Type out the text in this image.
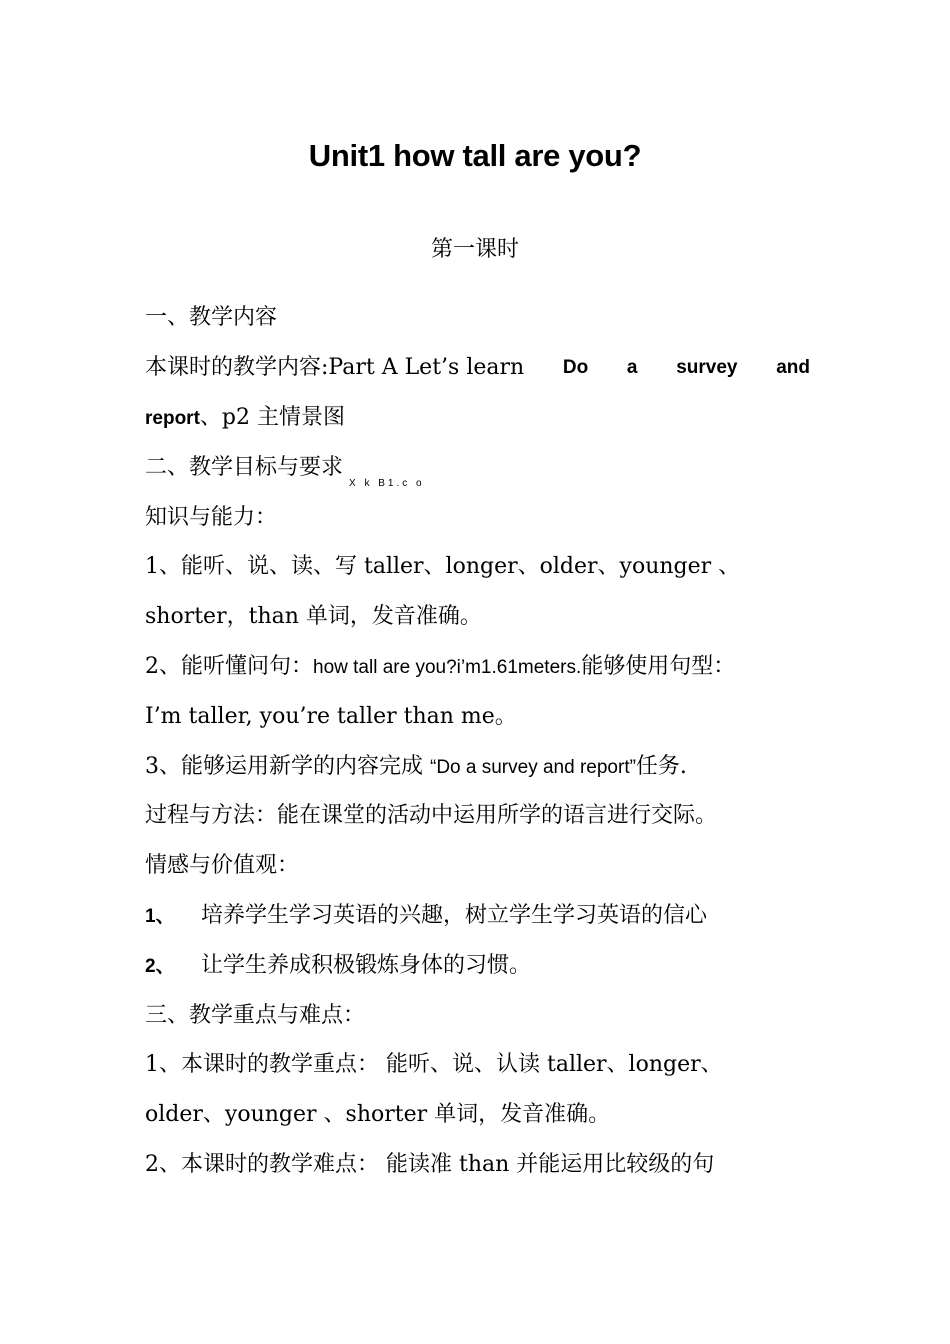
Unit1 how tall are you?
第一课时
一、教学内容
本课时的教学内容:Part A Let’s learn Do a survey and
report、p2 主情景图
二、教学目标与要求$_{X k B1.c o}$
知识与能力：
1、能听、说、读、写 taller、longer、older、younger 、
shorter，than 单词，发音准确。
2、能听懂问句：how tall are you?i’m1.61meters.能够使用句型：
I’m taller, you’re taller than me。
3、能够运用新学的内容完成 “Do a survey and report”任务.
过程与方法：能在课堂的活动中运用所学的语言进行交际。
情感与价值观：
1、 培养学生学习英语的兴趣，树立学生学习英语的信心
2、 让学生养成积极锻炼身体的习惯。
三、教学重点与难点：
1、本课时的教学重点： 能听、说、认读 taller、longer、
older、younger 、shorter 单词，发音准确。
2、本课时的教学难点： 能读准 than 并能运用比较级的句
